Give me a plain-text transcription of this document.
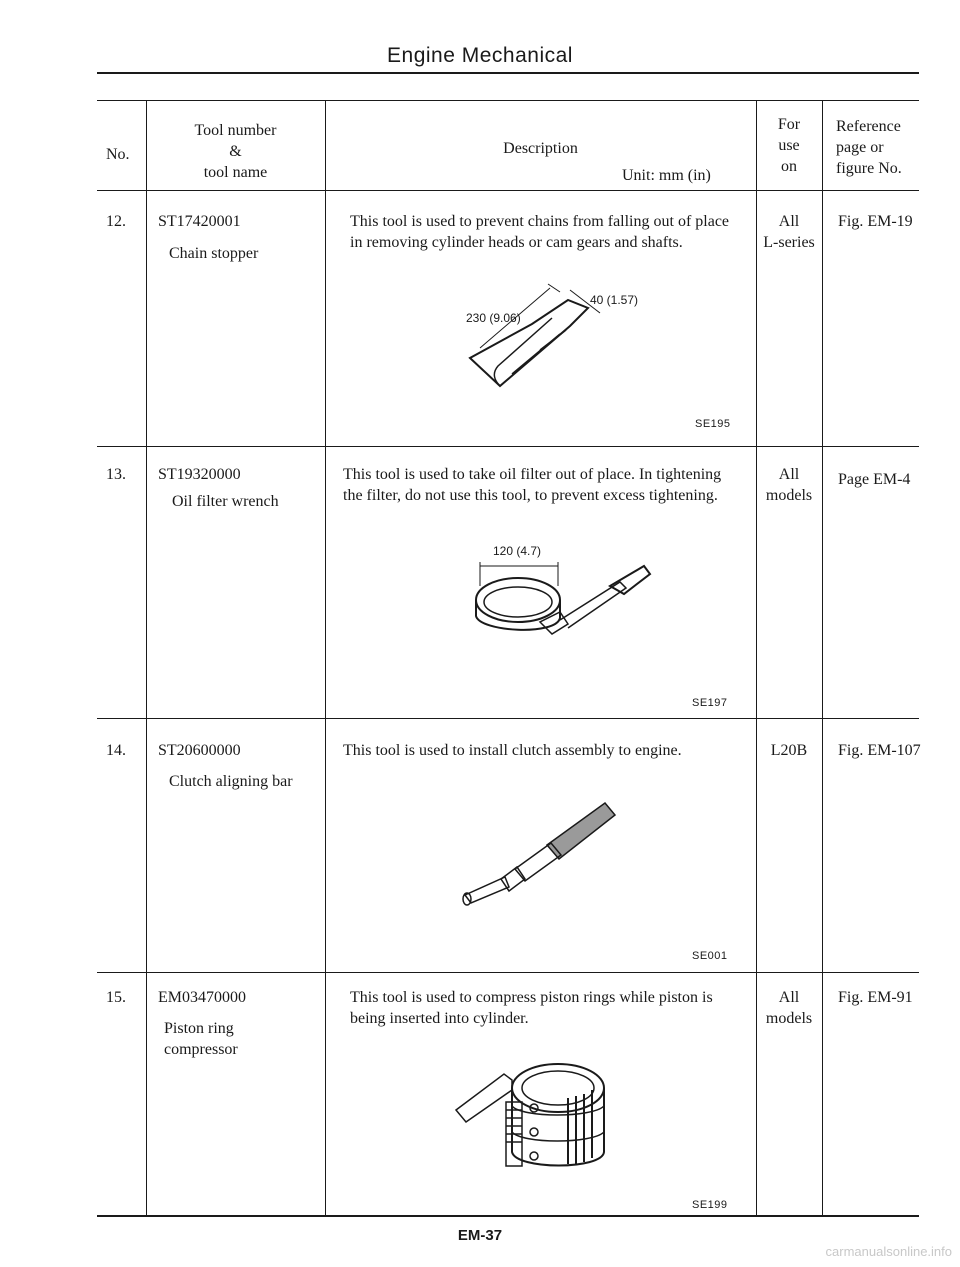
Engine Mechanical
No.
Tool number
&
tool name
Description
Unit: mm (in)
For
use
on
Reference
page or
figure No.
12. ST17420001
Chain stopper
This tool is used to prevent chains from falling out of place
in removing cylinder heads or cam gears and shafts.
230 (9.06)
40 (1.57)
SE195
All
L-series
Fig. EM-19
13. ST19320000
Oil filter wrench
This tool is used to take oil filter out of place. In tightening
the filter, do not use this tool, to prevent excess tightening.
120 (4.7)
SE197
All
models
Page EM-4
14. ST20600000
Clutch aligning bar
This tool is used to install clutch assembly to engine.
SE001
L20B	Fig. EM-107
15. EM03470000
Piston ring
compressor
This tool is used to compress piston rings while piston is
being inserted into cylinder.
SE199
All
models
Fig. EM-91
EM-37
carmanualsonline.info
